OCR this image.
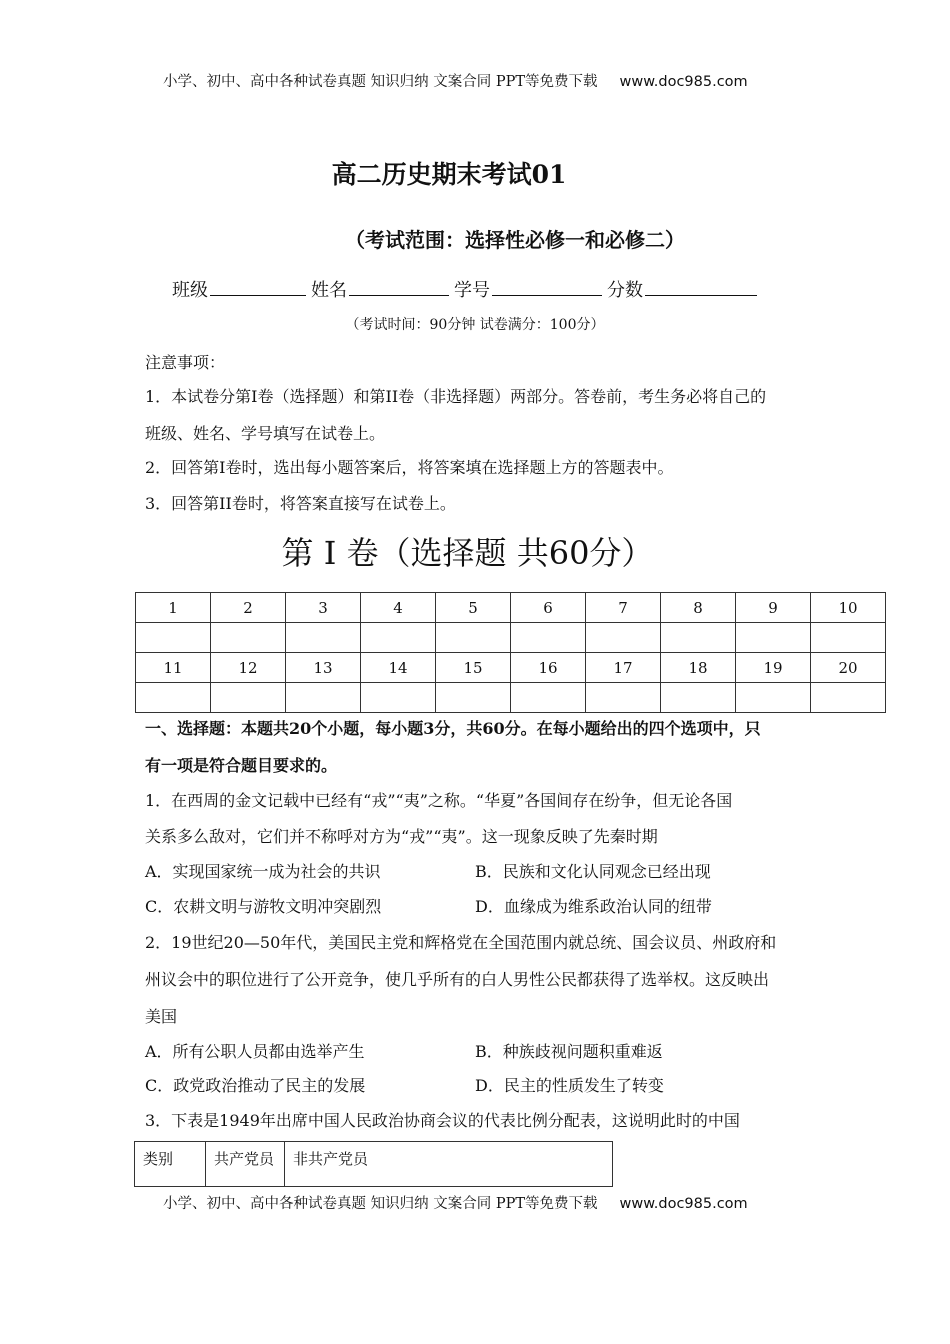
小学、初中、高中各种试卷真题 知识归纳 文案合同 PPT等免费下载 www.doc985.com
高二历史期末考试01
（考试范围：选择性必修一和必修二）
班级	姓名	学号	分数
（考试时间：90分钟 试卷满分：100分）
注意事项：
1．本试卷分第I卷（选择题）和第II卷（非选择题）两部分。答卷前，考生务必将自己的
班级、姓名、学号填写在试卷上。
2．回答第I卷时，选出每小题答案后，将答案填在选择题上方的答题表中。
3．回答第II卷时，将答案直接写在试卷上。
第 I 卷（选择题 共60分）
1	2	3	4	5	6	7	8	9	10

11	12	13	14	15	16	17	18	19	20

一、选择题：本题共20个小题，每小题3分，共60分。在每小题给出的四个选项中，只
有一项是符合题目要求的。
1．在西周的金文记载中已经有“戎”“夷”之称。“华夏”各国间存在纷争，但无论各国
关系多么敌对，它们并不称呼对方为“戎”“夷”。这一现象反映了先秦时期
A．实现国家统一成为社会的共识	B．民族和文化认同观念已经出现
C．农耕文明与游牧文明冲突剧烈	D．血缘成为维系政治认同的纽带
2．19世纪20—50年代，美国民主党和辉格党在全国范围内就总统、国会议员、州政府和
州议会中的职位进行了公开竞争，使几乎所有的白人男性公民都获得了选举权。这反映出
美国
A．所有公职人员都由选举产生	B．种族歧视问题积重难返
C．政党政治推动了民主的发展	D．民主的性质发生了转变
3．下表是1949年出席中国人民政治协商会议的代表比例分配表，这说明此时的中国
类别	共产党员	非共产党员
小学、初中、高中各种试卷真题 知识归纳 文案合同 PPT等免费下载 www.doc985.com
